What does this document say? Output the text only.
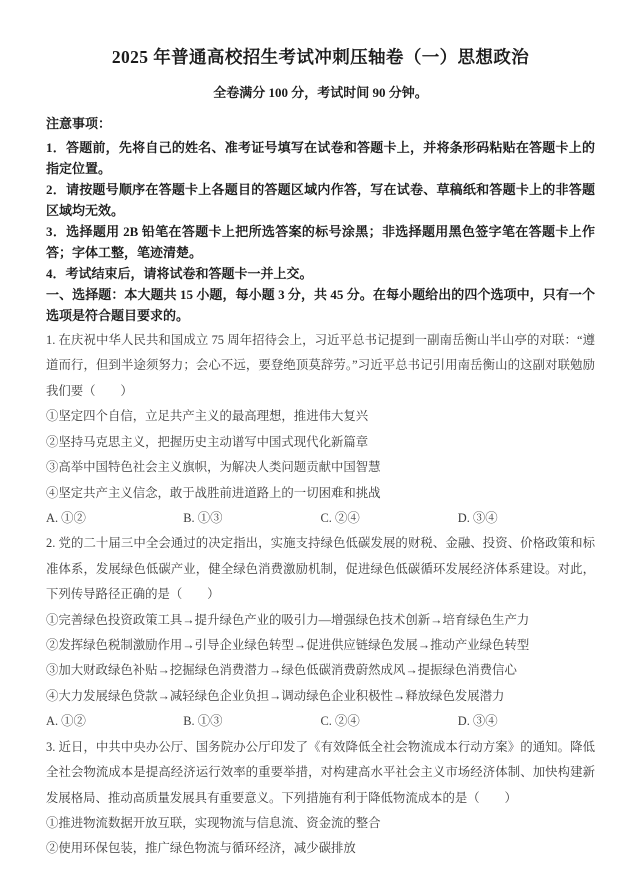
2025 年普通高校招生考试冲刺压轴卷（一）思想政治
全卷满分 100 分，考试时间 90 分钟。
注意事项：
1．答题前，先将自己的姓名、准考证号填写在试卷和答题卡上，并将条形码粘贴在答题卡上的指定位置。
2．请按题号顺序在答题卡上各题目的答题区域内作答，写在试卷、草稿纸和答题卡上的非答题区域均无效。
3．选择题用 2B 铅笔在答题卡上把所选答案的标号涂黑；非选择题用黑色签字笔在答题卡上作答；字体工整，笔迹清楚。
4．考试结束后，请将试卷和答题卡一并上交。
一、选择题：本大题共 15 小题，每小题 3 分，共 45 分。在每小题给出的四个选项中，只有一个选项是符合题目要求的。
1. 在庆祝中华人民共和国成立 75 周年招待会上，习近平总书记提到一副南岳衡山半山亭的对联：“遵道而行，但到半途须努力；会心不远，要登绝顶莫辞劳。”习近平总书记引用南岳衡山的这副对联勉励我们要（　　）
①坚定四个自信，立足共产主义的最高理想，推进伟大复兴
②坚持马克思主义，把握历史主动谱写中国式现代化新篇章
③高举中国特色社会主义旗帜，为解决人类问题贡献中国智慧
④坚定共产主义信念，敢于战胜前进道路上的一切困难和挑战
A. ①②	B. ①③	C. ②④	D. ③④
2. 党的二十届三中全会通过的决定指出，实施支持绿色低碳发展的财税、金融、投资、价格政策和标准体系，发展绿色低碳产业，健全绿色消费激励机制，促进绿色低碳循环发展经济体系建设。对此，下列传导路径正确的是（　　）
①完善绿色投资政策工具→提升绿色产业的吸引力—增强绿色技术创新→培育绿色生产力
②发挥绿色税制激励作用→引导企业绿色转型→促进供应链绿色发展→推动产业绿色转型
③加大财政绿色补贴→挖掘绿色消费潜力→绿色低碳消费蔚然成风→提振绿色消费信心
④大力发展绿色贷款→减轻绿色企业负担→调动绿色企业积极性→释放绿色发展潜力
A. ①②	B. ①③	C. ②④	D. ③④
3. 近日，中共中央办公厅、国务院办公厅印发了《有效降低全社会物流成本行动方案》的通知。降低全社会物流成本是提高经济运行效率的重要举措，对构建高水平社会主义市场经济体制、加快构建新发展格局、推动高质量发展具有重要意义。下列措施有利于降低物流成本的是（　　）
①推进物流数据开放互联，实现物流与信息流、资金流的整合
②使用环保包装，推广绿色物流与循环经济，减少碳排放
